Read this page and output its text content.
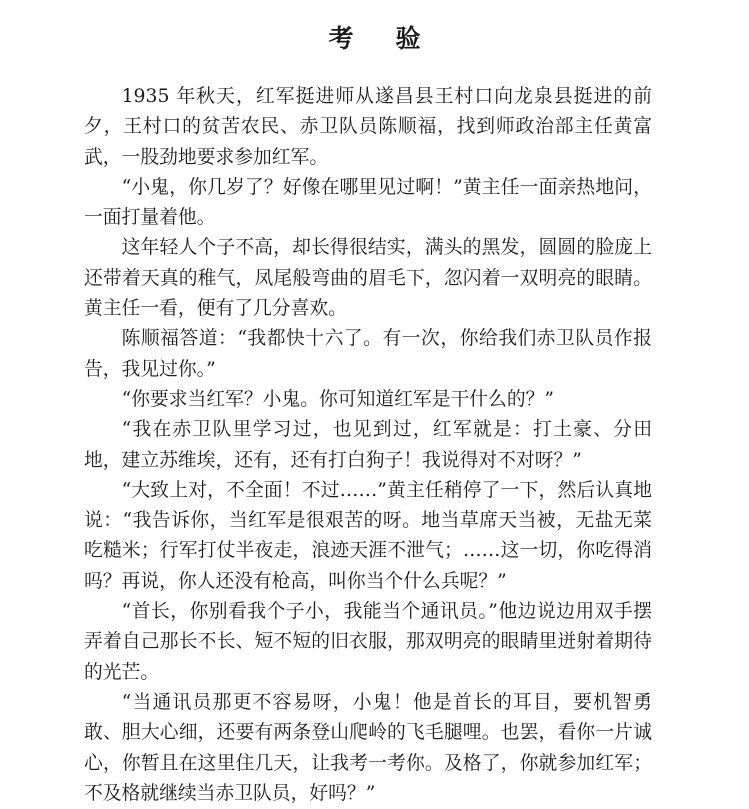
考 验

1935 年秋天，红军挺进师从遂昌县王村口向龙泉县挺进的前夕，王村口的贫苦农民、赤卫队员陈顺福，找到师政治部主任黄富武，一股劲地要求参加红军。

“小鬼，你几岁了？好像在哪里见过啊！”黄主任一面亲热地问，一面打量着他。

这年轻人个子不高，却长得很结实，满头的黑发，圆圆的脸庞上还带着天真的稚气，凤尾般弯曲的眉毛下，忽闪着一双明亮的眼睛。黄主任一看，便有了几分喜欢。

陈顺福答道：“我都快十六了。有一次，你给我们赤卫队员作报告，我见过你。”

“你要求当红军？小鬼。你可知道红军是干什么的？”

“我在赤卫队里学习过，也见到过，红军就是：打土豪、分田地，建立苏维埃，还有，还有打白狗子！我说得对不对呀？”

“大致上对，不全面！不过……”黄主任稍停了一下，然后认真地说：“我告诉你，当红军是很艰苦的呀。地当草席天当被，无盐无菜吃糙米；行军打仗半夜走，浪迹天涯不泄气；……这一切，你吃得消吗？再说，你人还没有枪高，叫你当个什么兵呢？”

“首长，你别看我个子小，我能当个通讯员。”他边说边用双手摆弄着自己那长不长、短不短的旧衣服，那双明亮的眼睛里迸射着期待的光芒。

“当通讯员那更不容易呀，小鬼！他是首长的耳目，要机智勇敢、胆大心细，还要有两条登山爬岭的飞毛腿哩。也罢，看你一片诚心，你暂且在这里住几天，让我考一考你。及格了，你就参加红军；不及格就继续当赤卫队员，好吗？”
